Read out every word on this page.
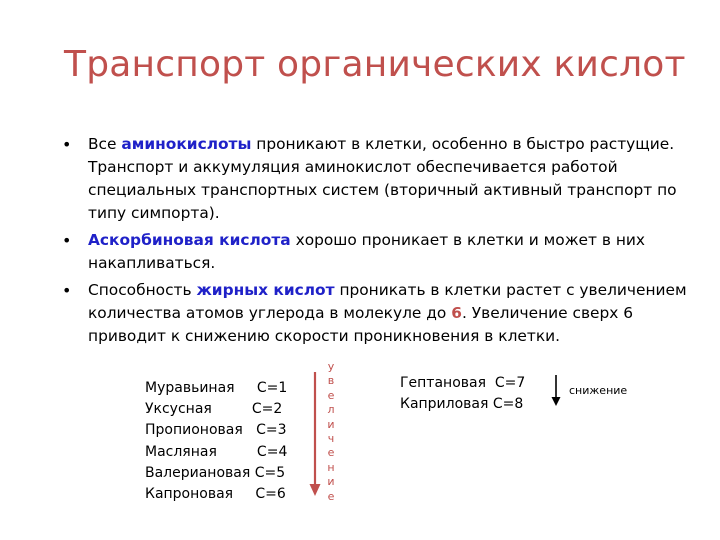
Транспорт органических кислот
• Все аминокислоты проникают в клетки, особенно в быстро растущие. Транспорт и аккумуляция аминокислот обеспечивается работой специальных транспортных систем (вторичный активный транспорт по типу симпорта).
• Аскорбиновая кислота хорошо проникает в клетки и может в них накапливаться.
• Способность жирных кислот проникать в клетки растет с увеличением количества атомов углерода в молекуле до 6. Увеличение сверх 6 приводит к снижению скорости проникновения в клетки.
Муравьиная     С=1
Уксусная         С=2
Пропионовая   С=3
Масляная         С=4
Валериановая С=5
Капроновая     С=6
у
в
е
л
и
ч
е
н
и
е
Гептановая  С=7
Каприловая С=8
снижение
